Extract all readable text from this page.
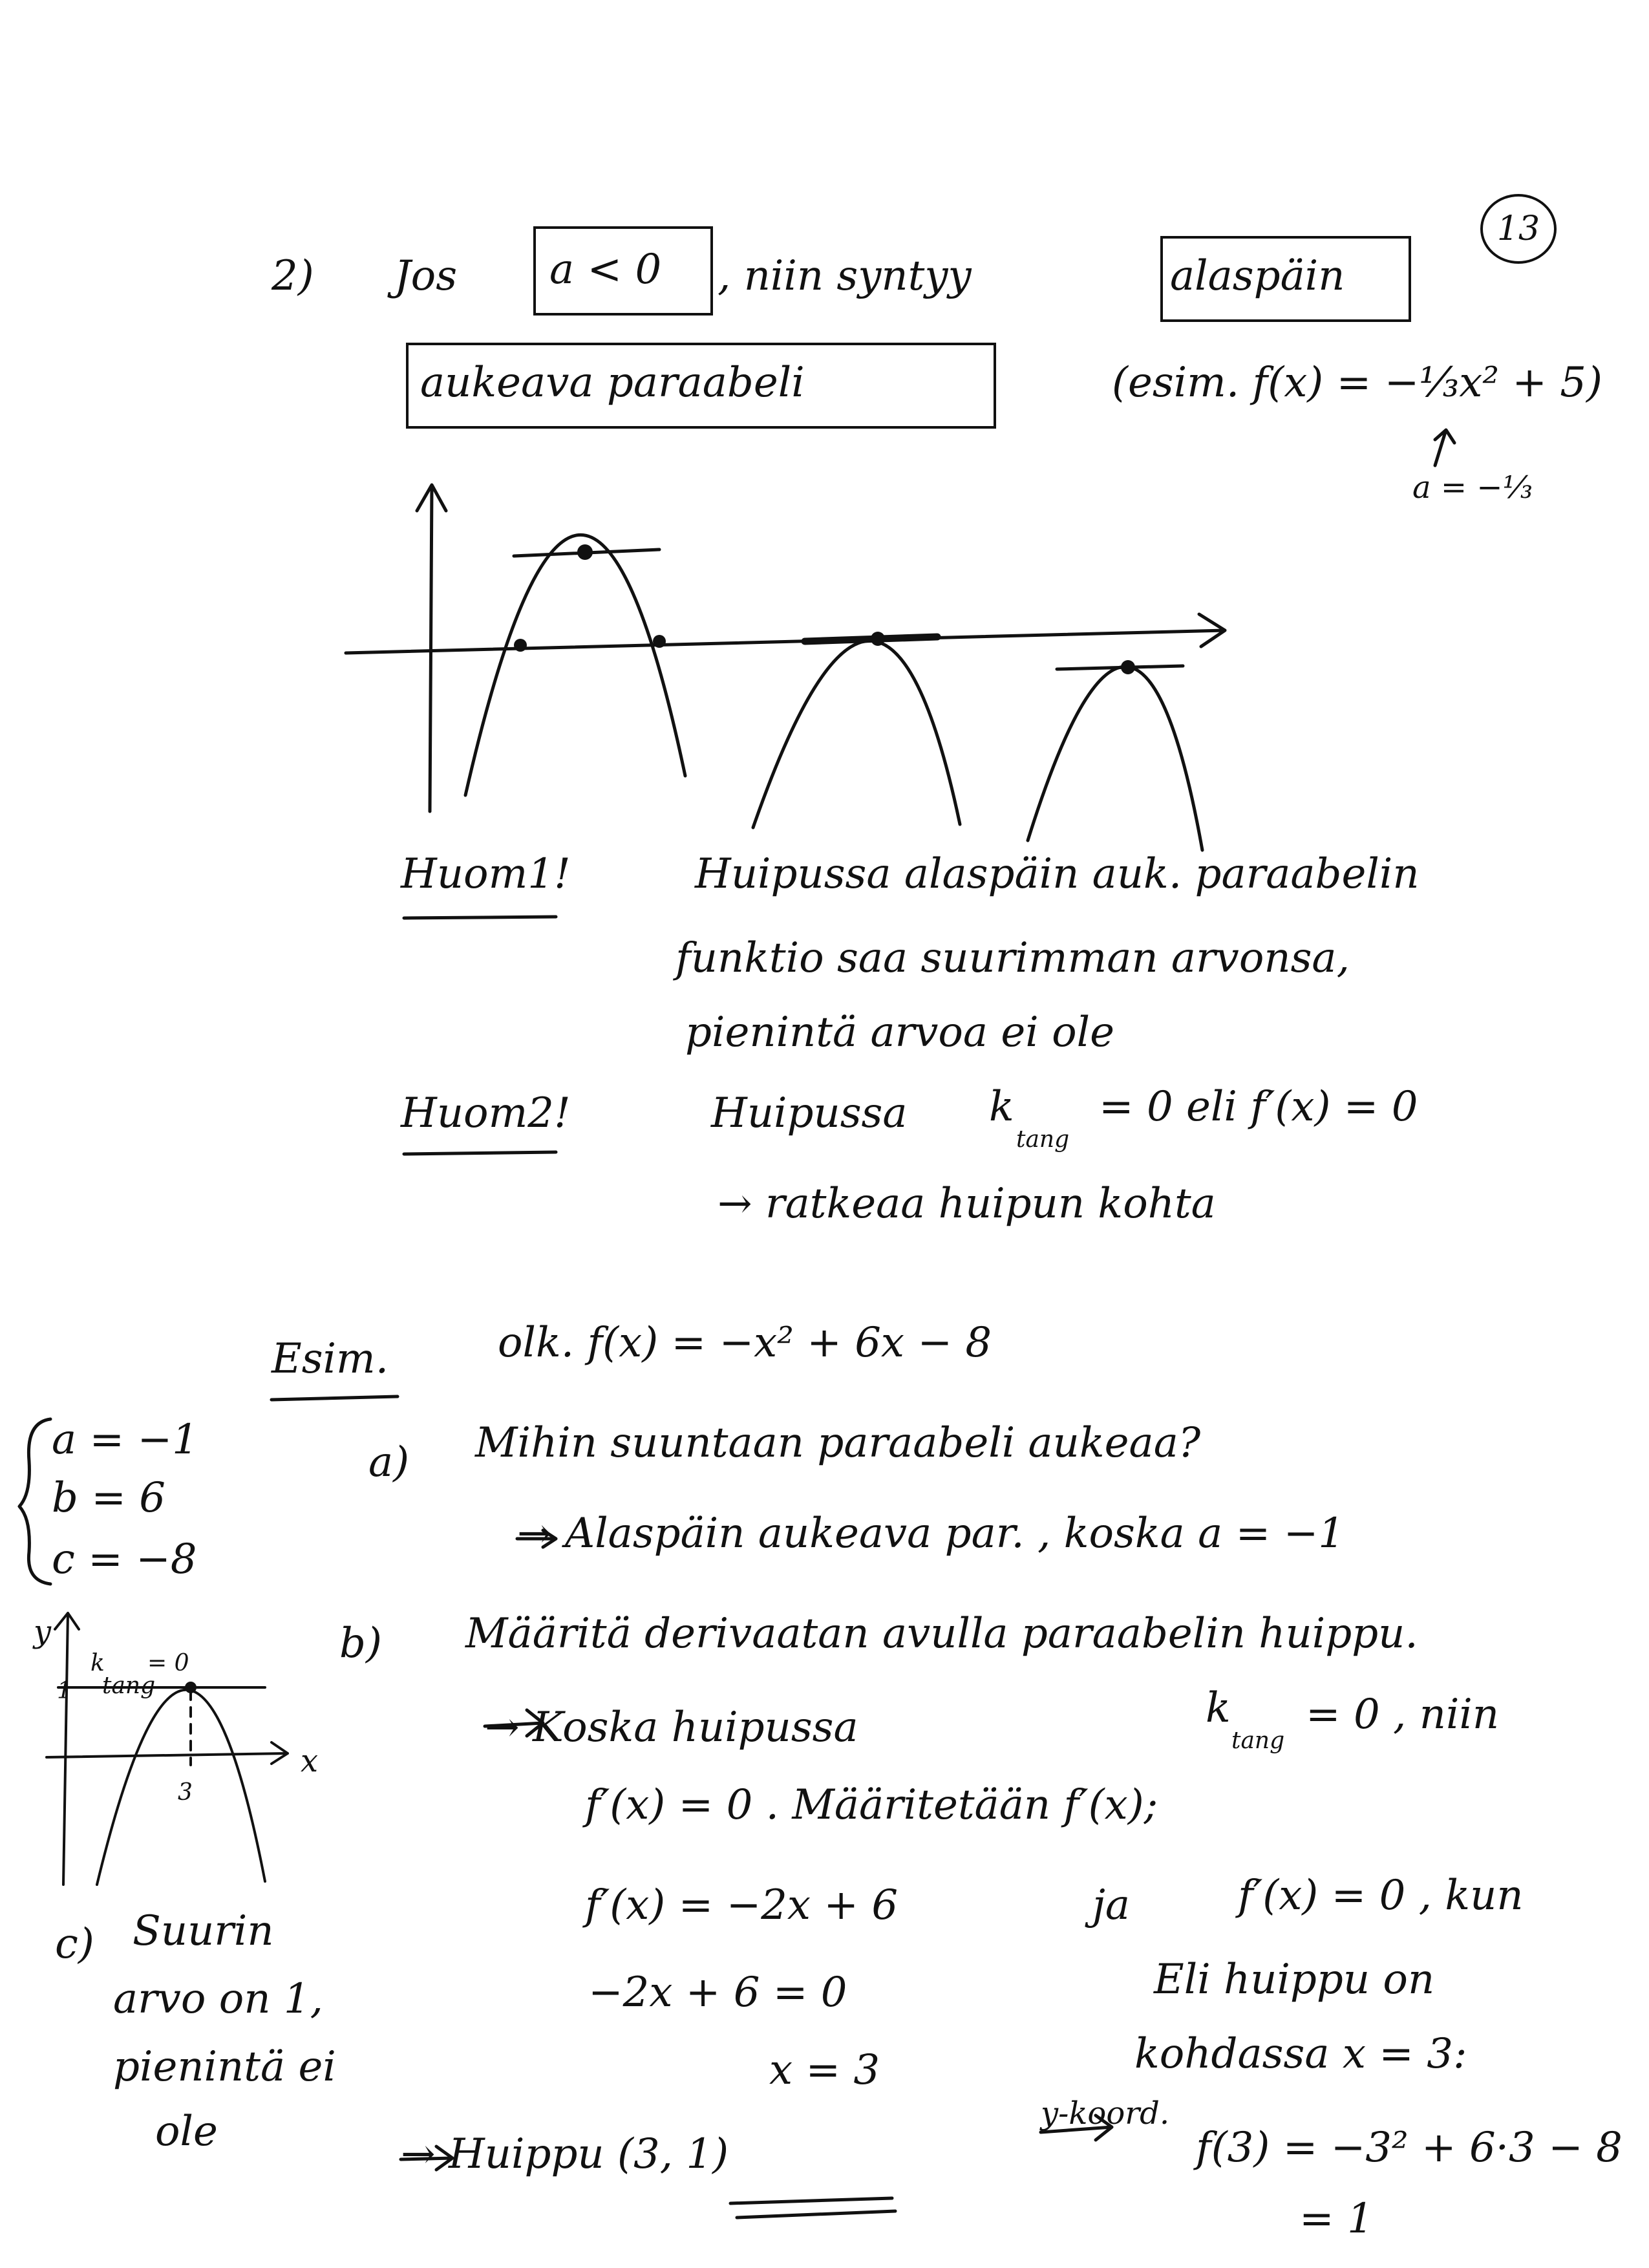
13
2) Jos a < 0 , niin syntyy	alaspäin
aukeava paraabeli	(esim. f(x) = −⅓x² + 5)
a = −⅓
Huom1!	Huipussa alaspäin auk. paraabelin
funktio saa suurimman arvonsa,
pienintä arvoa ei ole
Huom2!	Huipussa k
tang
= 0 eli f′(x) = 0
→ ratkeaa huipun kohta
Esim.	olk. f(x) = −x² + 6x − 8
a = −1
b = 6
c = −8
a) Mihin suuntaan paraabeli aukeaa?
→ Alaspäin aukeava par. , koska a = −1
b) Määritä derivaatan avulla paraabelin huippu.
→ Koska huipussa	k
tang
= 0 , niin
f′(x) = 0 . Määritetään f′(x);
f′(x) = −2x + 6	ja	f′(x) = 0 , kun
−2x + 6 = 0
x = 3
Eli huippu on
kohdassa x = 3:
y-koord.
f(3) = −3² + 6·3 − 8
= 1
→ Huippu (3, 1)
c) Suurin
arvo on 1,
pienintä ei
ole
y
x
k
tang
= 0
1
3
